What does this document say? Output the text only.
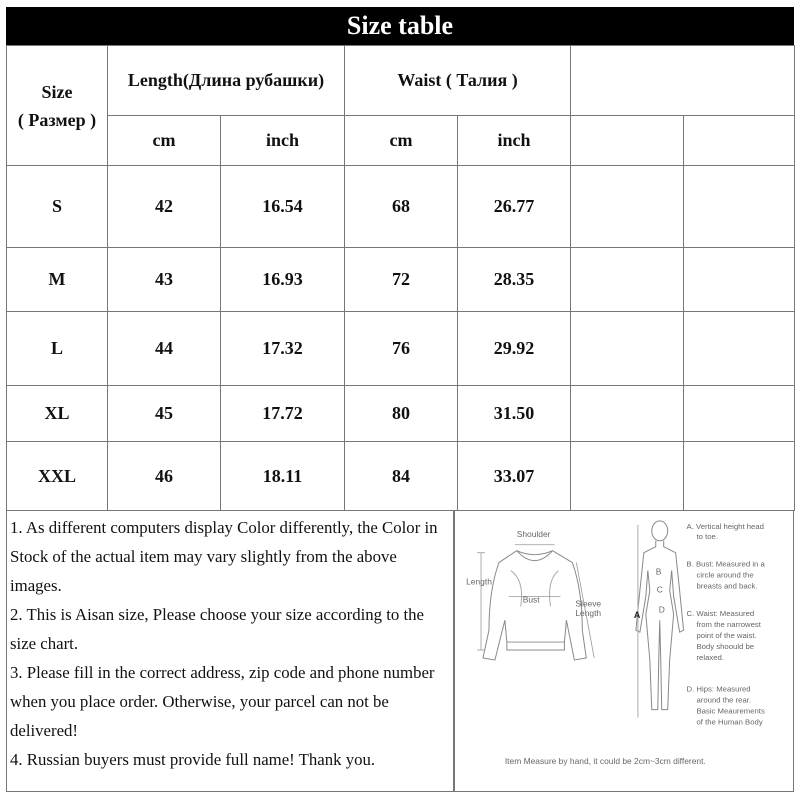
Size table
Size
( Размер )	Length(Длина рубашки)		Waist ( Талия )			
	cm	inch	cm	inch		
S	42	16.54	68	26.77		
M	43	16.93	72	28.35		
L	44	17.32	76	29.92		
XL	45	17.72	80	31.50		
XXL	46	18.11	84	33.07		

1. As different computers display Color differently, the Color in Stock of the actual item may vary slightly from the above images.

2. This is Aisan size, Please choose your size according to the size chart.

3. Please fill in the correct address, zip code and phone number when you place order. Otherwise, your parcel can not be delivered!

4. Russian buyers must provide full name! Thank you.

Shoulder
Length
Bust	Sleeve
Length	A
B
C
D
A. Vertical height head
to toe.
B. Bust: Measured in a
circle around the
breasts and back.
C. Waist: Measured
from the narrowest
point of the waist.
Body shoould be
relaxed.
D. Hips: Measured
around the rear.
Basic Meaurements
of the Human Body
Item Measure by hand, it could be 2cm~3cm different.
